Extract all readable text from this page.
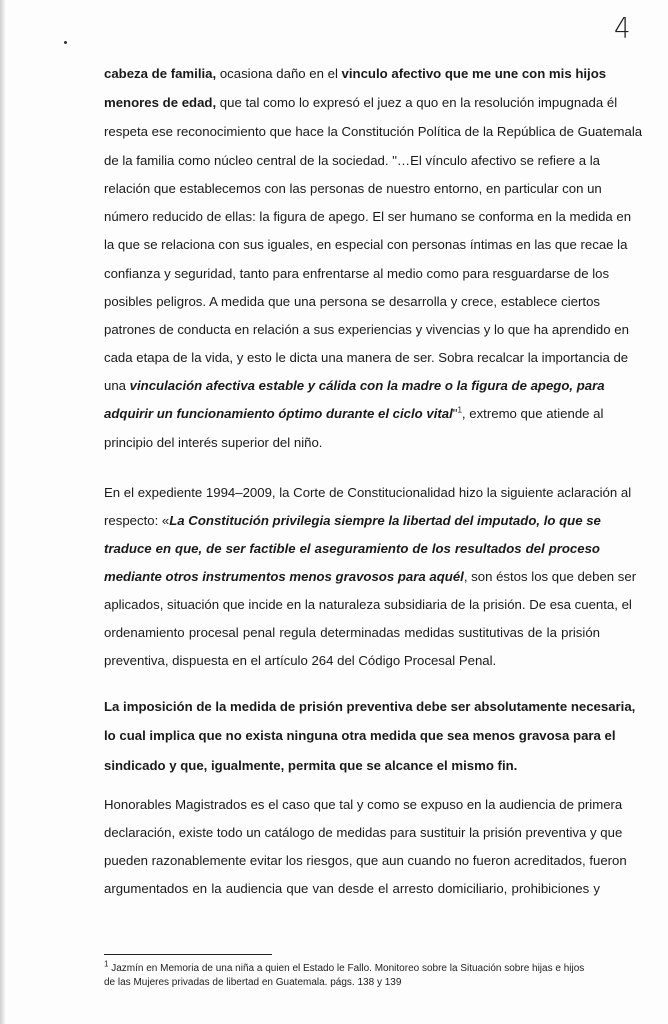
4
cabeza de familia, ocasiona daño en el vinculo afectivo que me une con mis hijos
menores de edad, que tal como lo expresó el juez a quo en la resolución impugnada él
respeta ese reconocimiento que hace la Constitución Política de la República de Guatemala
de la familia como núcleo central de la sociedad. "…El vínculo afectivo se refiere a la
relación que establecemos con las personas de nuestro entorno, en particular con un
número reducido de ellas: la figura de apego. El ser humano se conforma en la medida en
la que se relaciona con sus iguales, en especial con personas íntimas en las que recae la
confianza y seguridad, tanto para enfrentarse al medio como para resguardarse de los
posibles peligros. A medida que una persona se desarrolla y crece, establece ciertos
patrones de conducta en relación a sus experiencias y vivencias y lo que ha aprendido en
cada etapa de la vida, y esto le dicta una manera de ser. Sobra recalcar la importancia de
una vinculación afectiva estable y cálida con la madre o la figura de apego, para
adquirir un funcionamiento óptimo durante el ciclo vital"$^1$, extremo que atiende al
principio del interés superior del niño.
En el expediente 1994–2009, la Corte de Constitucionalidad hizo la siguiente aclaración al
respecto: «La Constitución privilegia siempre la libertad del imputado, lo que se
traduce en que, de ser factible el aseguramiento de los resultados del proceso
mediante otros instrumentos menos gravosos para aquél, son éstos los que deben ser
aplicados, situación que incide en la naturaleza subsidiaria de la prisión. De esa cuenta, el
ordenamiento procesal penal regula determinadas medidas sustitutivas de la prisión
preventiva, dispuesta en el artículo 264 del Código Procesal Penal.
La imposición de la medida de prisión preventiva debe ser absolutamente necesaria,
lo cual implica que no exista ninguna otra medida que sea menos gravosa para el
sindicado y que, igualmente, permita que se alcance el mismo fin.
Honorables Magistrados es el caso que tal y como se expuso en la audiencia de primera
declaración, existe todo un catálogo de medidas para sustituir la prisión preventiva y que
pueden razonablemente evitar los riesgos, que aun cuando no fueron acreditados, fueron
argumentados en la audiencia que van desde el arresto domiciliario, prohibiciones y
$^1$ Jazmín en Memoria de una niña a quien el Estado le Fallo. Monitoreo sobre la Situación sobre hijas e hijos
de las Mujeres privadas de libertad en Guatemala. págs. 138 y 139
